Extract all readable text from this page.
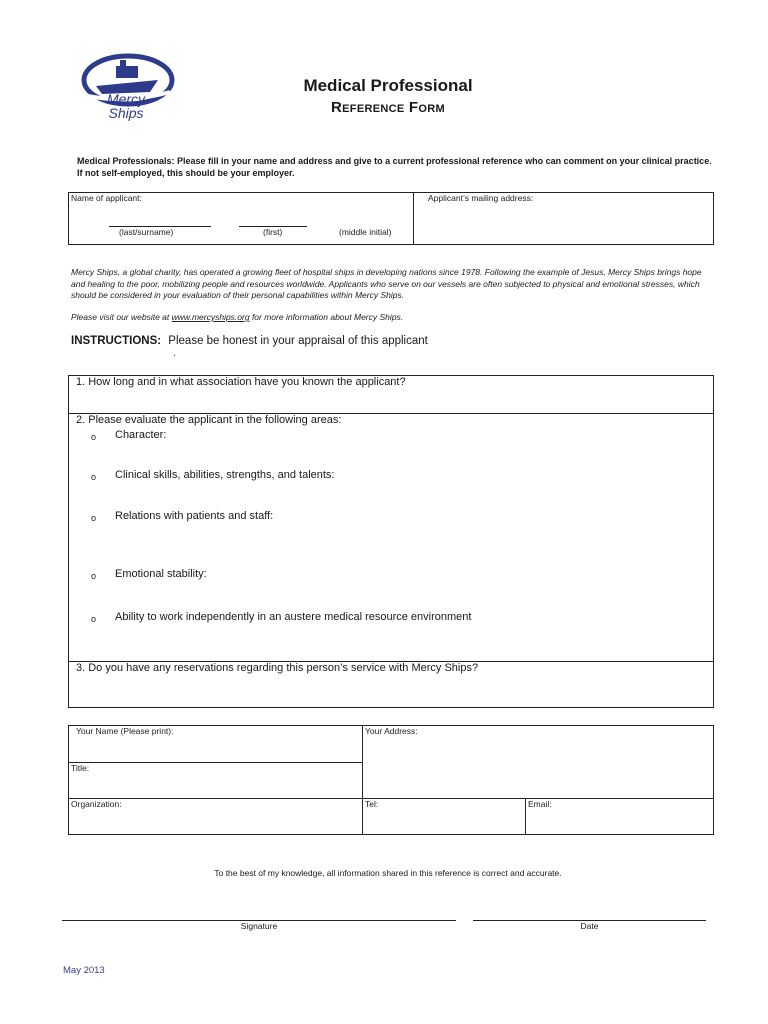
Mercy
Ships
Medical Professional
Reference Form
Medical Professionals: Please fill in your name and address and give to a current professional reference who can comment on your clinical practice. If not self-employed, this should be your employer.
Name of applicant:
(last/surname)	(first)	(middle initial)
Applicant’s mailing address:
Mercy Ships, a global charity, has operated a growing fleet of hospital ships in developing nations since 1978. Following the example of Jesus, Mercy Ships brings hope and healing to the poor, mobilizing people and resources worldwide. Applicants who serve on our vessels are often subjected to physical and emotional stresses, which should be considered in your evaluation of their personal capabilities within Mercy Ships.
Please visit our website at www.mercyships.org for more information about Mercy Ships.
INSTRUCTIONS: Please be honest in your appraisal of this applicant
.
1. How long and in what association have you known the applicant?
2. Please evaluate the applicant in the following areas:
o Character:
o Clinical skills, abilities, strengths, and talents:
o Relations with patients and staff:
o Emotional stability:
o Ability to work independently in an austere medical resource environment
3. Do you have any reservations regarding this person’s service with Mercy Ships?
Your Name (Please print):	Your Address:
Title:
Organization:	Tel:	Email:
To the best of my knowledge, all information shared in this reference is correct and accurate.
Signature	Date
May 2013
